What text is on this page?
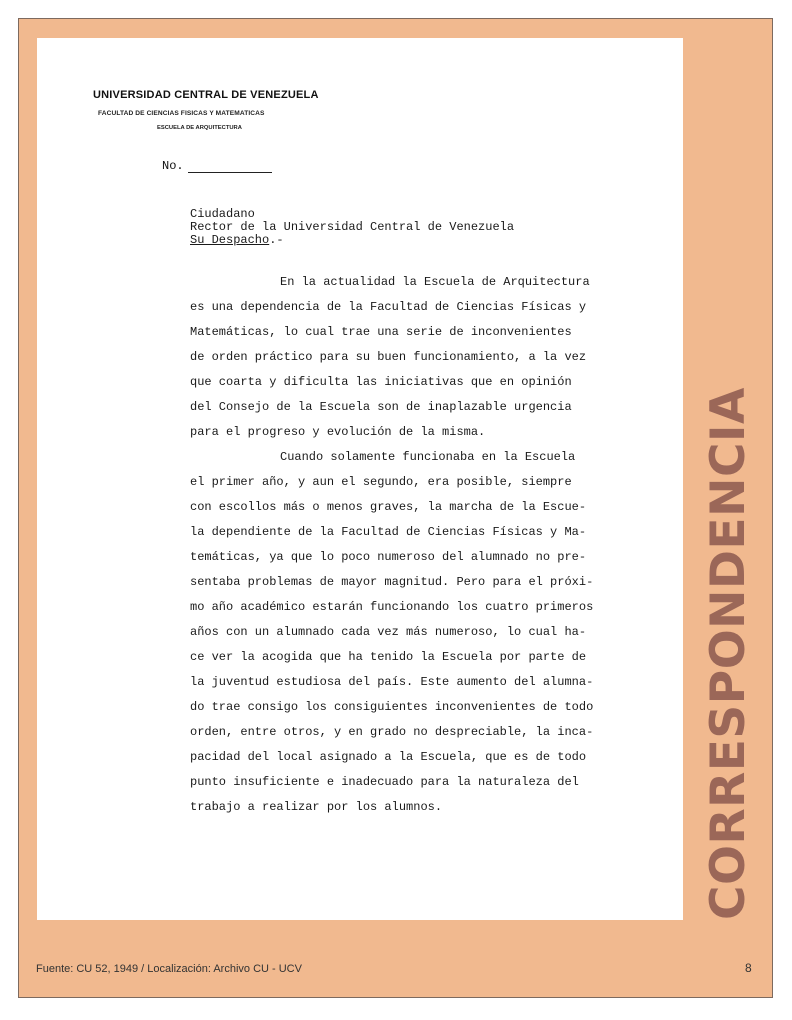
UNIVERSIDAD CENTRAL DE VENEZUELA
FACULTAD DE CIENCIAS FISICAS Y MATEMATICAS
ESCUELA DE ARQUITECTURA
No.
Ciudadano
Rector de la Universidad Central de Venezuela
Su Despacho.-
En la actualidad la Escuela de Arquitectura
es una dependencia de la Facultad de Ciencias Físicas y
Matemáticas, lo cual trae una serie de inconvenientes
de orden práctico para su buen funcionamiento, a la vez
que coarta y dificulta las iniciativas que en opinión
del Consejo de la Escuela son de inaplazable urgencia
para el progreso y evolución de la misma.
Cuando solamente funcionaba en la Escuela
el primer año, y aun el segundo, era posible, siempre
con escollos más o menos graves, la marcha de la Escue-
la dependiente de la Facultad de Ciencias Físicas y Ma-
temáticas, ya que lo poco numeroso del alumnado no pre-
sentaba problemas de mayor magnitud. Pero para el próxi-
mo año académico estarán funcionando los cuatro primeros
años con un alumnado cada vez más numeroso, lo cual ha-
ce ver la acogida que ha tenido la Escuela por parte de
la juventud estudiosa del país. Este aumento del alumna-
do trae consigo los consiguientes inconvenientes de todo
orden, entre otros, y en grado no despreciable, la inca-
pacidad del local asignado a la Escuela, que es de todo
punto insuficiente e inadecuado para la naturaleza del
trabajo a realizar por los alumnos.	CORRESPONDENCIA
Fuente: CU 52, 1949 / Localización: Archivo CU - UCV	8
